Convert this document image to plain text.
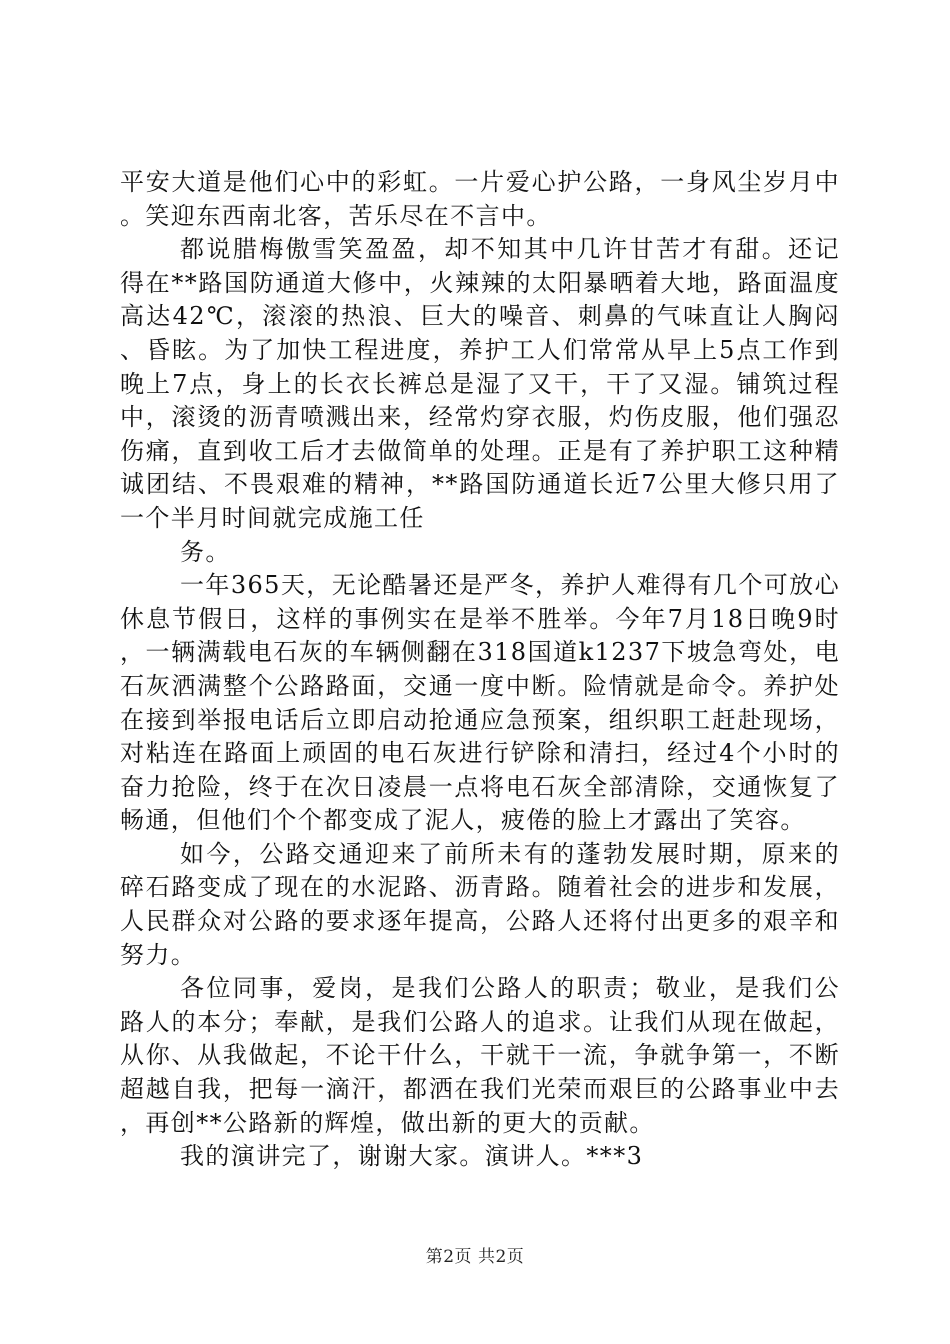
平安大道是他们心中的彩虹。一片爱心护公路，一身风尘岁月中。笑迎东西南北客，苦乐尽在不言中。

都说腊梅傲雪笑盈盈，却不知其中几许甘苦才有甜。还记得在**路国防通道大修中，火辣辣的太阳暴晒着大地，路面温度高达42℃，滚滚的热浪、巨大的噪音、刺鼻的气味直让人胸闷、昏眩。为了加快工程进度，养护工人们常常从早上5点工作到晚上7点，身上的长衣长裤总是湿了又干，干了又湿。铺筑过程中，滚烫的沥青喷溅出来，经常灼穿衣服，灼伤皮服，他们强忍伤痛，直到收工后才去做简单的处理。正是有了养护职工这种精诚团结、不畏艰难的精神，**路国防通道长近7公里大修只用了一个半月时间就完成施工任

务。

一年365天，无论酷暑还是严冬，养护人难得有几个可放心休息节假日，这样的事例实在是举不胜举。今年7月18日晚9时，一辆满载电石灰的车辆侧翻在318国道k1237下坡急弯处，电石灰洒满整个公路路面，交通一度中断。险情就是命令。养护处在接到举报电话后立即启动抢通应急预案，组织职工赶赴现场，对粘连在路面上顽固的电石灰进行铲除和清扫，经过4个小时的奋力抢险，终于在次日凌晨一点将电石灰全部清除，交通恢复了畅通，但他们个个都变成了泥人，疲倦的脸上才露出了笑容。

如今，公路交通迎来了前所未有的蓬勃发展时期，原来的碎石路变成了现在的水泥路、沥青路。随着社会的进步和发展，人民群众对公路的要求逐年提高，公路人还将付出更多的艰辛和努力。

各位同事，爱岗，是我们公路人的职责；敬业，是我们公路人的本分；奉献，是我们公路人的追求。让我们从现在做起，从你、从我做起，不论干什么，干就干一流，争就争第一，不断超越自我，把每一滴汗，都洒在我们光荣而艰巨的公路事业中去，再创**公路新的辉煌，做出新的更大的贡献。

我的演讲完了，谢谢大家。演讲人。***3

第2页 共2页
